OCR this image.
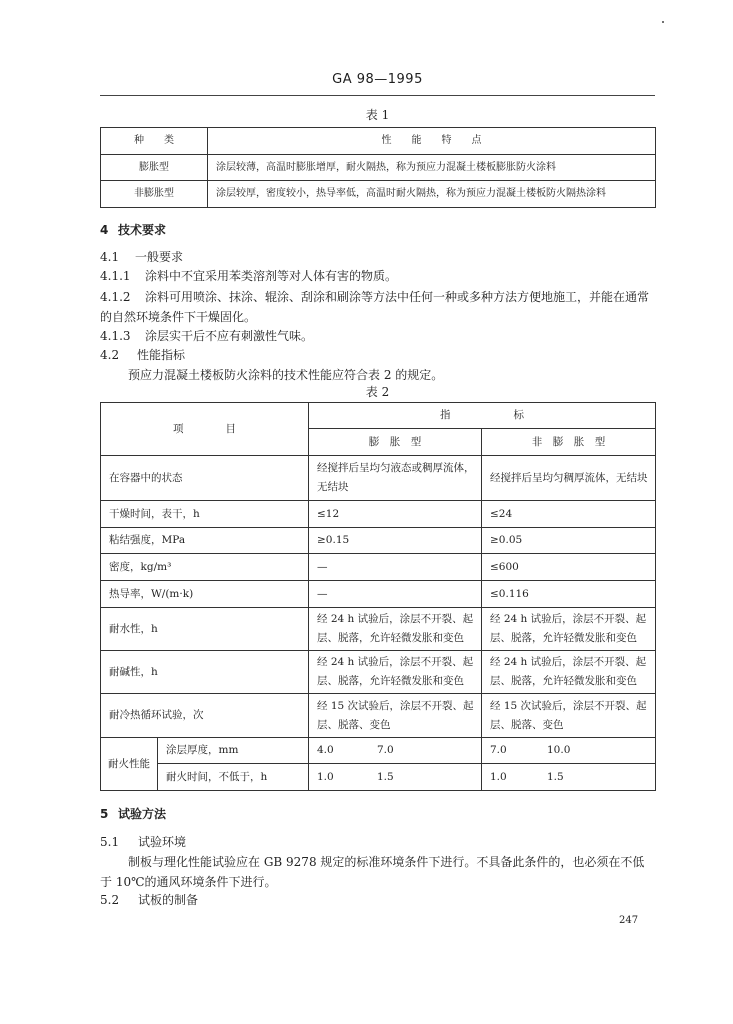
GA 98—1995
表 1
种　　类	性　　能　　特　　点
膨胀型	涂层较薄，高温时膨胀增厚，耐火隔热，称为预应力混凝土楼板膨胀防火涂料
非膨胀型	涂层较厚，密度较小，热导率低，高温时耐火隔热，称为预应力混凝土楼板防火隔热涂料
4 技术要求
4.1 一般要求
4.1.1 涂料中不宜采用苯类溶剂等对人体有害的物质。
4.1.2 涂料可用喷涂、抹涂、辊涂、刮涂和刷涂等方法中任何一种或多种方法方便地施工，并能在通常
的自然环境条件下干燥固化。
4.1.3 涂层实干后不应有刺激性气味。
4.2 性能指标
预应力混凝土楼板防火涂料的技术性能应符合表 2 的规定。
表 2
项　　　　目		指　　　　　　标	
		膨　胀　型	非　膨　胀　型
在容器中的状态		经搅拌后呈均匀液态或稠厚流体，无结块	经搅拌后呈均匀稠厚流体，无结块
干燥时间，表干，h		≤12	≤24
粘结强度，MPa		≥0.15	≥0.05
密度，kg/m³		—	≤600
热导率，W/(m·k)		—	≤0.116
耐水性，h		经 24 h 试验后，涂层不开裂、起层、脱落，允许轻微发胀和变色	经 24 h 试验后，涂层不开裂、起层、脱落，允许轻微发胀和变色
耐碱性，h		经 24 h 试验后，涂层不开裂、起层、脱落，允许轻微发胀和变色	经 24 h 试验后，涂层不开裂、起层、脱落，允许轻微发胀和变色
耐冷热循环试验，次		经 15 次试验后，涂层不开裂、起层、脱落、变色	经 15 次试验后，涂层不开裂、起层、脱落、变色
耐火性能	涂层厚度，mm	4.0 7.0	7.0 10.0
	耐火时间，不低于，h	1.0 1.5	1.0 1.5
5 试验方法
5.1 试验环境
制板与理化性能试验应在 GB 9278 规定的标准环境条件下进行。不具备此条件的，也必须在不低
于 10℃的通风环境条件下进行。
5.2 试板的制备
247
